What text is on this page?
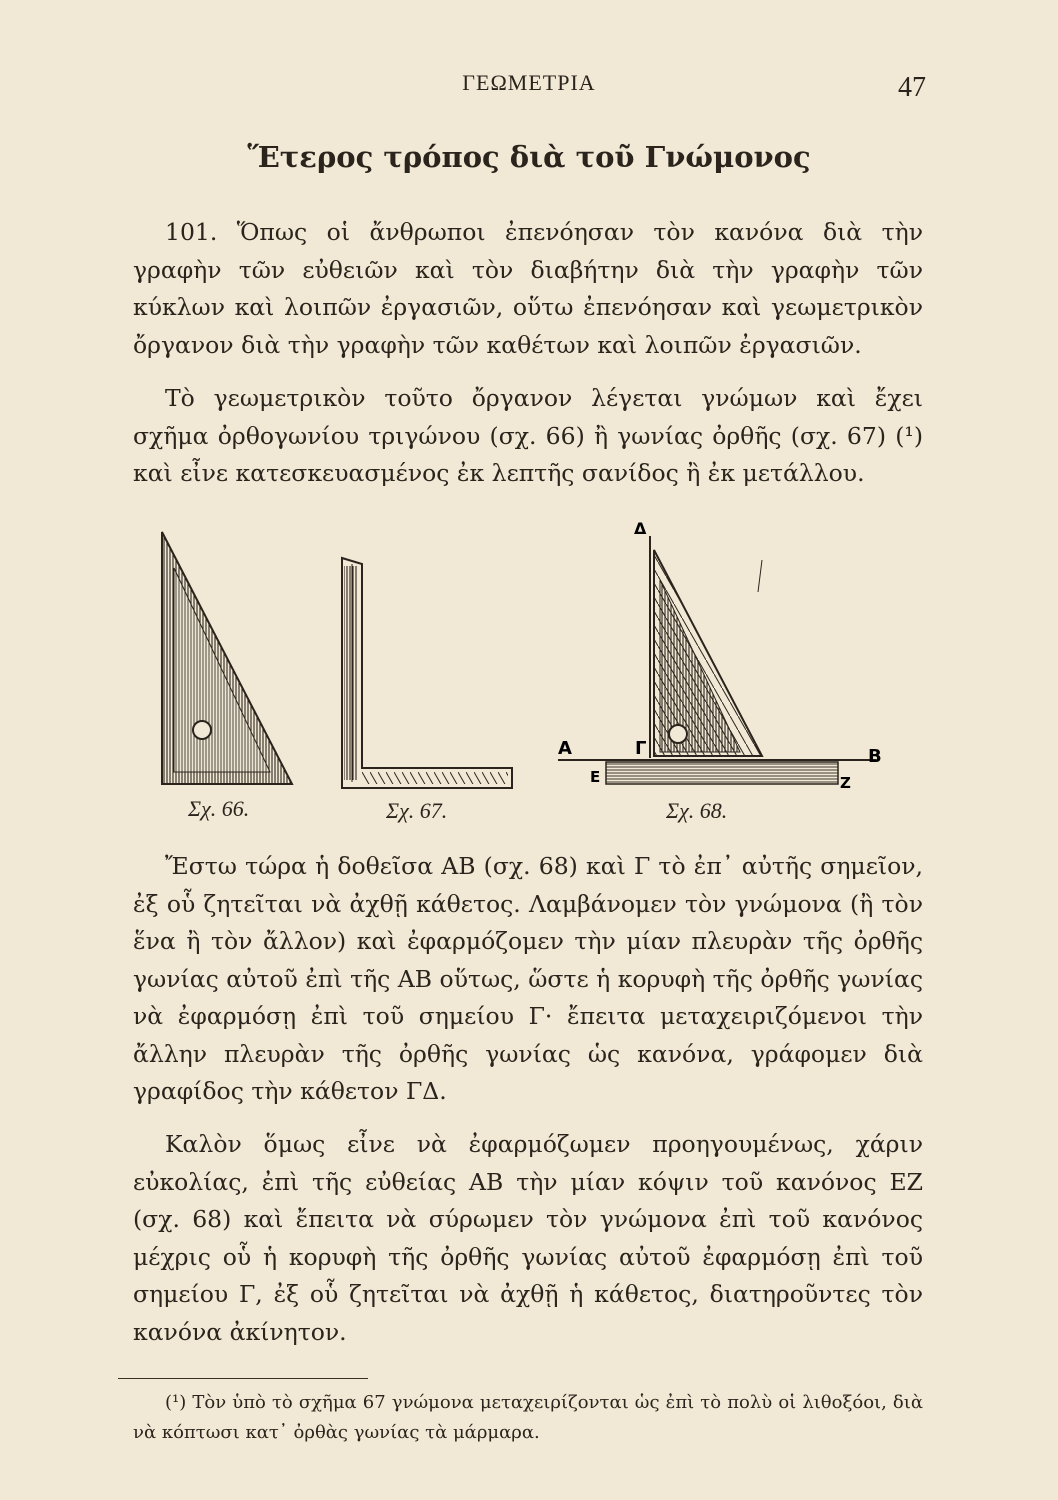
ΓΕΩΜΕΤΡΙΑ	47
Ἕτερος τρόπος διὰ τοῦ Γνώμονος

101. Ὅπως οἱ ἄνθρωποι ἐπενόησαν τὸν κανόνα διὰ τὴν γραφὴν τῶν εὐθειῶν καὶ τὸν διαβήτην διὰ τὴν γραφὴν τῶν κύκλων καὶ λοιπῶν ἐργασιῶν, οὕτω ἐπενόησαν καὶ γεωμετρικὸν ὄργανον διὰ τὴν γραφὴν τῶν καθέτων καὶ λοιπῶν ἐργασιῶν.

Τὸ γεωμετρικὸν τοῦτο ὄργανον λέγεται γνώμων καὶ ἔχει σχῆμα ὀρθογωνίου τριγώνου (σχ. 66) ἢ γωνίας ὀρθῆς (σχ. 67) (¹) καὶ εἶνε κατεσκευασμένος ἐκ λεπτῆς σανίδος ἢ ἐκ μετάλλου.

Δ
Α	Γ	Β
Ε	Ζ
Σχ. 66.	Σχ. 67.	Σχ. 68.

Ἔστω τώρα ἡ δοθεῖσα ΑΒ (σχ. 68) καὶ Γ τὸ ἐπ᾽ αὐτῆς σημεῖον, ἐξ οὗ ζητεῖται νὰ ἀχθῇ κάθετος. Λαμβάνομεν τὸν γνώμονα (ἢ τὸν ἕνα ἢ τὸν ἄλλον) καὶ ἐφαρμόζομεν τὴν μίαν πλευρὰν τῆς ὀρθῆς γωνίας αὐτοῦ ἐπὶ τῆς ΑΒ οὕτως, ὥστε ἡ κορυφὴ τῆς ὀρθῆς γωνίας νὰ ἐφαρμόσῃ ἐπὶ τοῦ σημείου Γ· ἔπειτα μεταχειριζόμενοι τὴν ἄλλην πλευρὰν τῆς ὀρθῆς γωνίας ὡς κανόνα, γράφομεν διὰ γραφίδος τὴν κάθετον ΓΔ.

Καλὸν ὅμως εἶνε νὰ ἐφαρμόζωμεν προηγουμένως, χάριν εὐκολίας, ἐπὶ τῆς εὐθείας ΑΒ τὴν μίαν κόψιν τοῦ κανόνος ΕΖ (σχ. 68) καὶ ἔπειτα νὰ σύρωμεν τὸν γνώμονα ἐπὶ τοῦ κανόνος μέχρις οὗ ἡ κορυφὴ τῆς ὀρθῆς γωνίας αὐτοῦ ἐφαρμόσῃ ἐπὶ τοῦ σημείου Γ, ἐξ οὗ ζητεῖται νὰ ἀχθῇ ἡ κάθετος, διατηροῦντες τὸν κανόνα ἀκίνητον.

(¹) Τὸν ὑπὸ τὸ σχῆμα 67 γνώμονα μεταχειρίζονται ὡς ἐπὶ τὸ πολὺ οἱ λιθοξόοι, διὰ νὰ κόπτωσι κατ᾽ ὀρθὰς γωνίας τὰ μάρμαρα.
